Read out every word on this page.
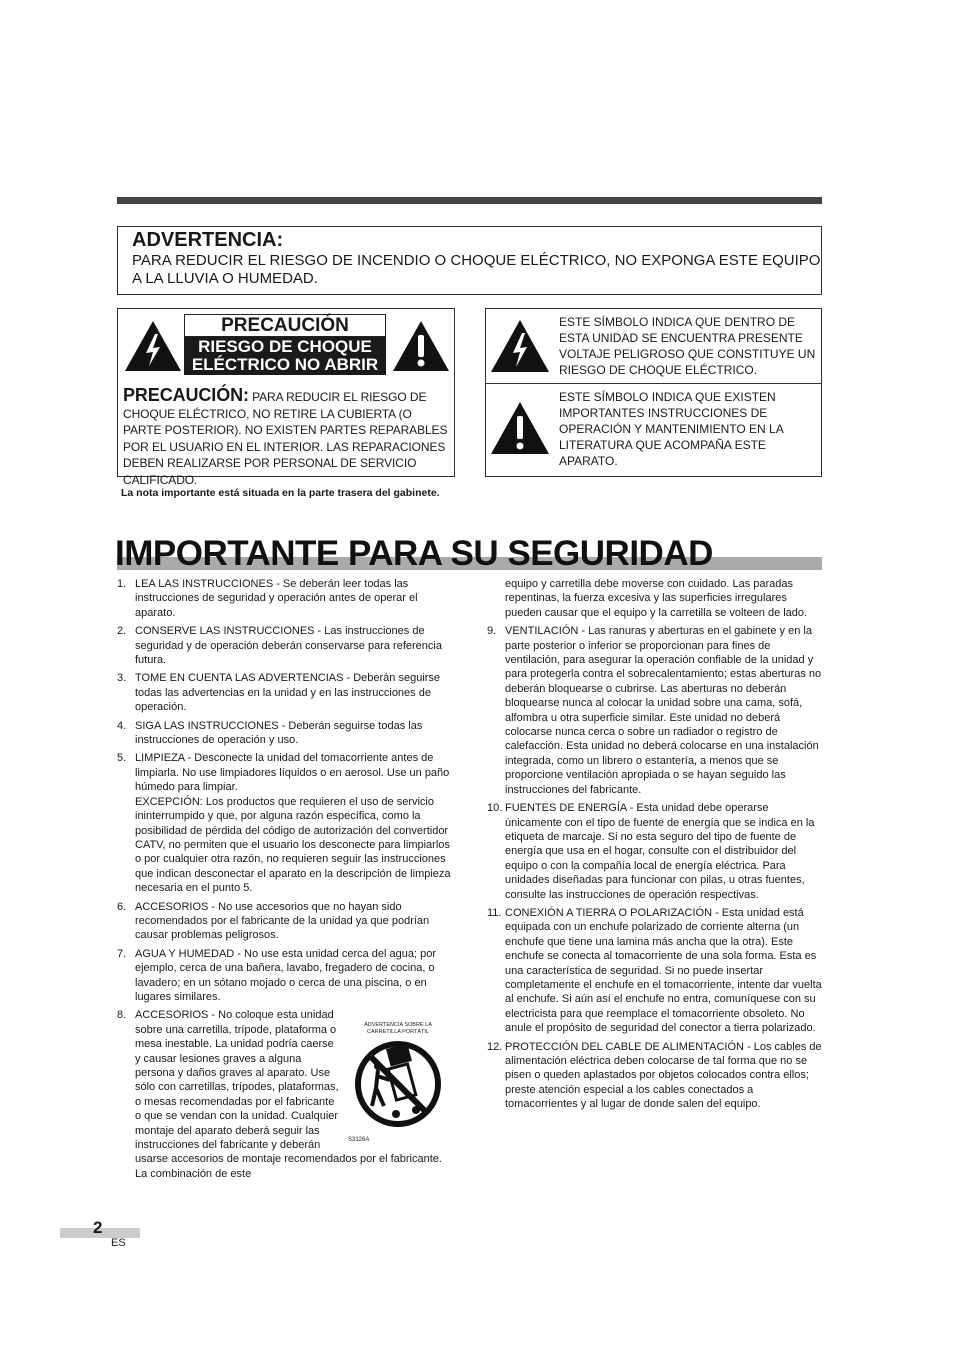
ADVERTENCIA:
PARA REDUCIR EL RIESGO DE INCENDIO O CHOQUE ELÉCTRICO, NO EXPONGA ESTE EQUIPO A LA LLUVIA O HUMEDAD.
PRECAUCIÓN
RIESGO DE CHOQUE
ELÉCTRICO NO ABRIR
PRECAUCIÓN: PARA REDUCIR EL RIESGO DE CHOQUE ELÉCTRICO, NO RETIRE LA CUBIERTA (O PARTE POSTERIOR). NO EXISTEN PARTES REPARABLES POR EL USUARIO EN EL INTERIOR. LAS REPARACIONES DEBEN REALIZARSE POR PERSONAL DE SERVICIO CALIFICADO.
ESTE SÍMBOLO INDICA QUE DENTRO DE ESTA UNIDAD SE ENCUENTRA PRESENTE VOLTAJE PELIGROSO QUE CONSTITUYE UN RIESGO DE CHOQUE ELÉCTRICO.
ESTE SÍMBOLO INDICA QUE EXISTEN IMPORTANTES INSTRUCCIONES DE OPERACIÓN Y MANTENIMIENTO EN LA LITERATURA QUE ACOMPAÑA ESTE APARATO.
La nota importante está situada en la parte trasera del gabinete.
IMPORTANTE PARA SU SEGURIDAD
1. LEA LAS INSTRUCCIONES - Se deberán leer todas las instrucciones de seguridad y operación antes de operar el aparato.
2. CONSERVE LAS INSTRUCCIONES - Las instrucciones de seguridad y de operación deberán conservarse para referencia futura.
3. TOME EN CUENTA LAS ADVERTENCIAS - Deberán seguirse todas las advertencias en la unidad y en las instrucciones de operación.
4. SIGA LAS INSTRUCCIONES - Deberán seguirse todas las instrucciones de operación y uso.
5. LIMPIEZA - Desconecte la unidad del tomacorriente antes de limpiarla. No use limpiadores líquidos o en aerosol. Use un paño húmedo para limpiar.
EXCEPCIÓN: Los productos que requieren el uso de servicio ininterrumpido y que, por alguna razón específica, como la posibilidad de pérdida del código de autorización del convertidor CATV, no permiten que el usuario los desconecte para limpiarlos o por cualquier otra razón, no requieren seguir las instrucciones que indican desconectar el aparato en la descripción de limpieza necesaria en el punto 5.
6. ACCESORIOS - No use accesorios que no hayan sido recomendados por el fabricante de la unidad ya que podrían causar problemas peligrosos.
7. AGUA Y HUMEDAD - No use esta unidad cerca del agua; por ejemplo, cerca de una bañera, lavabo, fregadero de cocina, o lavadero; en un sótano mojado o cerca de una piscina, o en lugares similares.
8.
ADVERTENCIA SOBRE LA CARRETILLA PORTÁTIL
S3126A
ACCESORIOS - No coloque esta unidad sobre una carretilla, trípode, plataforma o mesa inestable. La unidad podría caerse y causar lesiones graves a alguna persona y daños graves al aparato. Use sólo con carretillas, trípodes, plataformas, o mesas recomendadas por el fabricante o que se vendan con la unidad. Cualquier montaje del aparato deberá seguir las instrucciones del fabricante y deberán usarse accesorios de montaje recomendados por el fabricante. La combinación de este
equipo y carretilla debe moverse con cuidado. Las paradas repentinas, la fuerza excesiva y las superficies irregulares pueden causar que el equipo y la carretilla se volteen de lado.
9. VENTILACIÓN - Las ranuras y aberturas en el gabinete y en la parte posterior o inferior se proporcionan para fines de ventilación, para asegurar la operación confiable de la unidad y para protegerla contra el sobrecalentamiento; estas aberturas no deberán bloquearse o cubrirse. Las aberturas no deberán bloquearse nunca al colocar la unidad sobre una cama, sofá, alfombra u otra superficie similar. Este unidad no deberá colocarse nunca cerca o sobre un radiador o registro de calefacción. Esta unidad no deberá colocarse en una instalación integrada, como un librero o estantería, a menos que se proporcione ventilación apropiada o se hayan seguido las instrucciones del fabricante.
10. FUENTES DE ENERGÍA - Esta unidad debe operarse únicamente con el tipo de fuente de energía que se indica en la etiqueta de marcaje. Si no esta seguro del tipo de fuente de energía que usa en el hogar, consulte con el distribuidor del equipo o con la compañía local de energía eléctrica. Para unidades diseñadas para funcionar con pilas, u otras fuentes, consulte las instrucciones de operación respectivas.
11. CONEXIÓN A TIERRA O POLARIZACIÓN - Esta unidad está equipada con un enchufe polarizado de corriente alterna (un enchufe que tiene una lamina más ancha que la otra). Este enchufe se conecta al tomacorriente de una sola forma. Esta es una característica de seguridad. Si no puede insertar completamente el enchufe en el tomacorriente, intente dar vuelta al enchufe. Si aún así el enchufe no entra, comuníquese con su electricista para que reemplace el tomacorriente obsoleto. No anule el propósito de seguridad del conector a tierra polarizado.
12. PROTECCIÓN DEL CABLE DE ALIMENTACIÓN - Los cables de alimentación eléctrica deben colocarse de tal forma que no se pisen o queden aplastados por objetos colocados contra ellos; preste atención especial a los cables conectados a tomacorrientes y al lugar de donde salen del equipo.
2
ES
